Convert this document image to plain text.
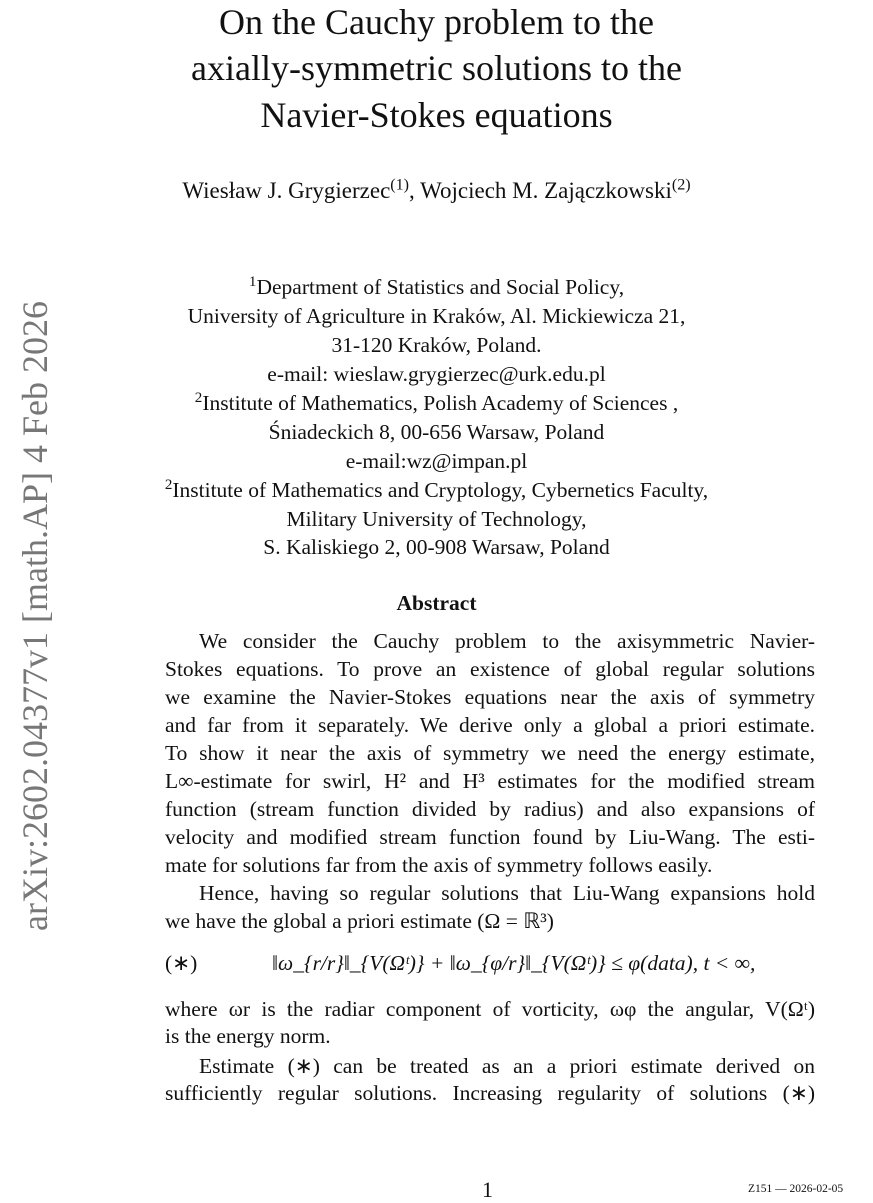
arXiv:2602.04377v1 [math.AP] 4 Feb 2026
On the Cauchy problem to the
axially-symmetric solutions to the
Navier-Stokes equations
Wiesław J. Grygierzec$^{(1)}$, Wojciech M. Zajączkowski$^{(2)}$
$^1$Department of Statistics and Social Policy,
University of Agriculture in Kraków, Al. Mickiewicza 21,
31-120 Kraków, Poland.
e-mail: wieslaw.grygierzec@urk.edu.pl
$^2$Institute of Mathematics, Polish Academy of Sciences ,
Śniadeckich 8, 00-656 Warsaw, Poland
e-mail:wz@impan.pl
$^2$Institute of Mathematics and Cryptology, Cybernetics Faculty,
Military University of Technology,
S. Kaliskiego 2, 00-908 Warsaw, Poland
Abstract
We consider the Cauchy problem to the axisymmetric Navier-
Stokes equations. To prove an existence of global regular solutions
we examine the Navier-Stokes equations near the axis of symmetry
and far from it separately. We derive only a global a priori estimate.
To show it near the axis of symmetry we need the energy estimate,
L∞-estimate for swirl, H² and H³ estimates for the modified stream
function (stream function divided by radius) and also expansions of
velocity and modified stream function found by Liu-Wang. The esti-
mate for solutions far from the axis of symmetry follows easily.
Hence, having so regular solutions that Liu-Wang expansions hold
we have the global a priori estimate (Ω = ℝ³)
(∗)	‖ω_{r/r}‖_{V(Ωᵗ)} + ‖ω_{φ/r}‖_{V(Ωᵗ)} ≤ φ(data), t < ∞,
where ωr is the radiar component of vorticity, ωφ the angular, V(Ωᵗ)
is the energy norm.
Estimate (∗) can be treated as an a priori estimate derived on
sufficiently regular solutions. Increasing regularity of solutions (∗)
1	Z151 — 2026-02-05
